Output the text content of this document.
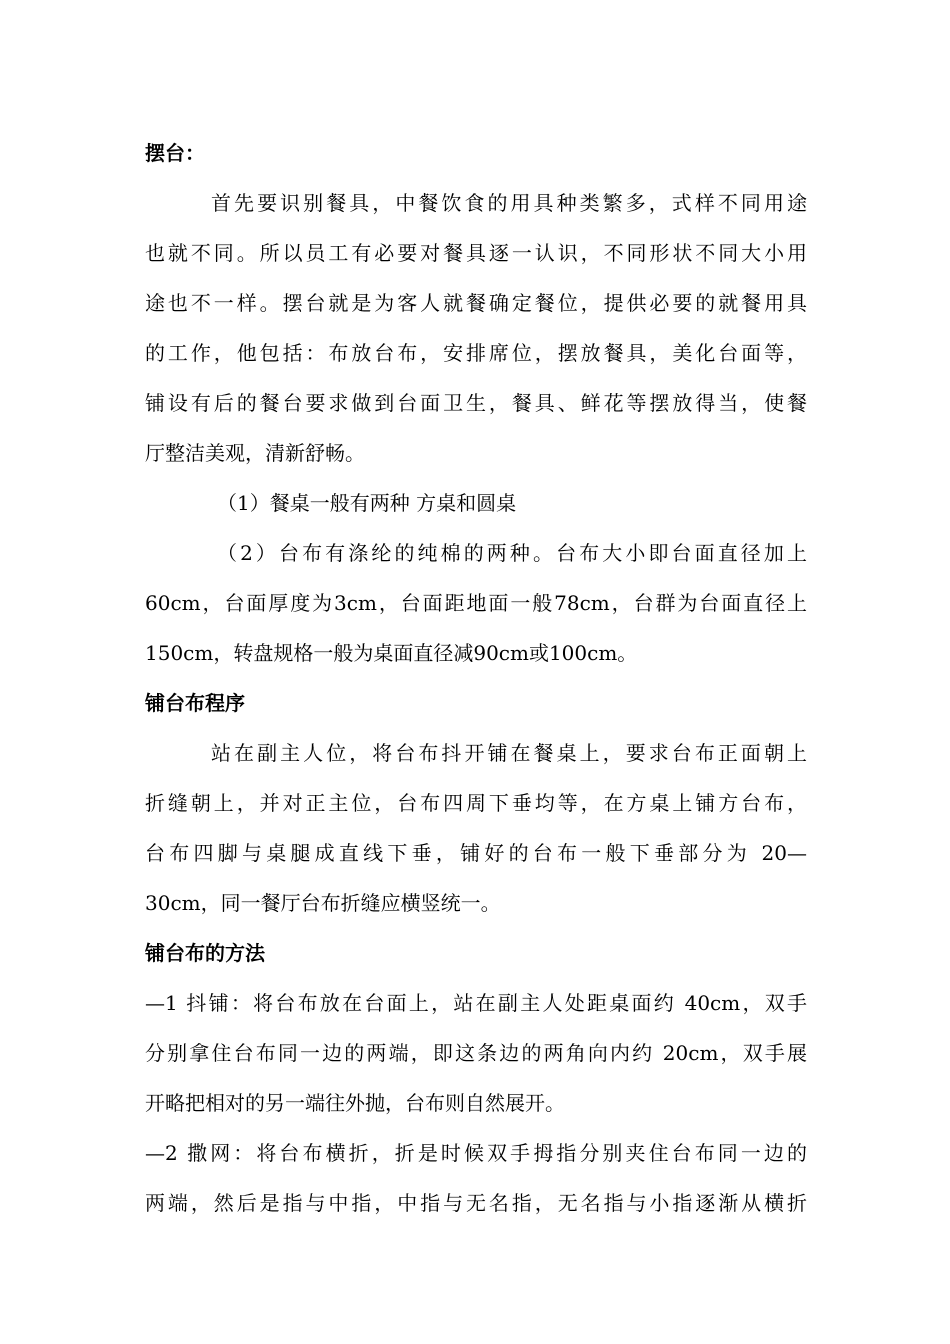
摆台：
首先要识别餐具，中餐饮食的用具种类繁多，式样不同用途
也就不同。所以员工有必要对餐具逐一认识，不同形状不同大小用
途也不一样。摆台就是为客人就餐确定餐位，提供必要的就餐用具
的工作，他包括：布放台布，安排席位，摆放餐具，美化台面等，
铺设有后的餐台要求做到台面卫生，餐具、鲜花等摆放得当，使餐
厅整洁美观，清新舒畅。
（1）餐桌一般有两种 方桌和圆桌
（2）台布有涤纶的纯棉的两种。台布大小即台面直径加上
60cm，台面厚度为3cm，台面距地面一般78cm，台群为台面直径上
150cm，转盘规格一般为桌面直径减90cm或100cm。
铺台布程序
站在副主人位，将台布抖开铺在餐桌上，要求台布正面朝上
折缝朝上，并对正主位，台布四周下垂均等，在方桌上铺方台布，
台布四脚与桌腿成直线下垂，铺好的台布一般下垂部分为 20—
30cm，同一餐厅台布折缝应横竖统一。
铺台布的方法
—1 抖铺：将台布放在台面上，站在副主人处距桌面约 40cm，双手
分别拿住台布同一边的两端，即这条边的两角向内约 20cm，双手展
开略把相对的另一端往外抛，台布则自然展开。
—2 撒网：将台布横折，折是时候双手拇指分别夹住台布同一边的
两端，然后是指与中指，中指与无名指，无名指与小指逐渐从横折
